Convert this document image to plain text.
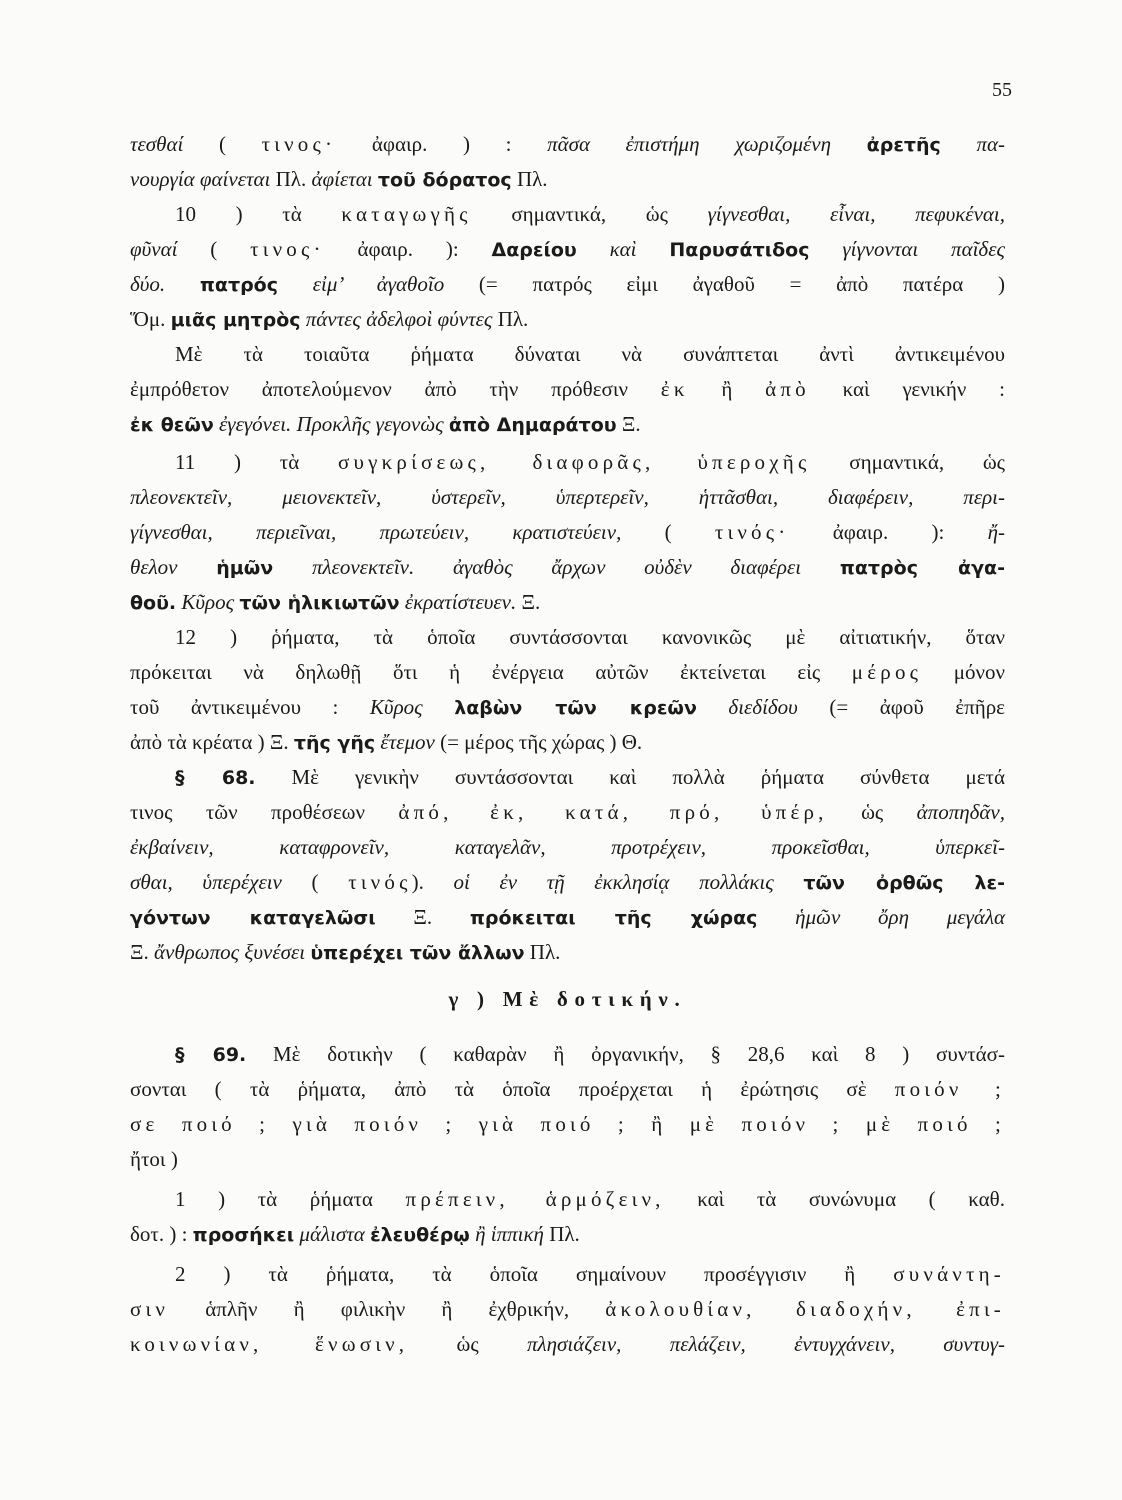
55
τεσθαί ( τινος· ἀφαιρ. ) : πᾶσα ἐπιστήμη χωριζομένη ἀρετῆς πα-
νουργία φαίνεται Πλ. ἀφίεται τοῦ δόρατος Πλ.
10 ) τὰ καταγωγῆς σημαντικά, ὡς γίγνεσθαι, εἶναι, πεφυκέναι,
φῦναί ( τινος· ἀφαιρ. ): Δαρείου καὶ Παρυσάτιδος γίγνονται παῖδες
δύο. πατρός εἰμ’ ἀγαθοῖο (= πατρός εἰμι ἀγαθοῦ = ἀπὸ πατέρα )
Ὅμ. μιᾶς μητρὸς πάντες ἀδελφοὶ φύντες Πλ.
Μὲ τὰ τοιαῦτα ῥήματα δύναται νὰ συνάπτεται ἀντὶ ἀντικειμένου
ἐμπρόθετον ἀποτελούμενον ἀπὸ τὴν πρόθεσιν ἐκ ἢ ἀπὸ καὶ γενικήν :
ἐκ θεῶν ἐγεγόνει. Προκλῆς γεγονὼς ἀπὸ Δημαράτου Ξ.
11 ) τὰ συγκρίσεως, διαφορᾶς, ὑπεροχῆς σημαντικά, ὡς
πλεονεκτεῖν, μειονεκτεῖν, ὑστερεῖν, ὑπερτερεῖν, ἡττᾶσθαι, διαφέρειν, περι-
γίγνεσθαι, περιεῖναι, πρωτεύειν, κρατιστεύειν, ( τινός· ἀφαιρ. ): ἤ-
θελον ἡμῶν πλεονεκτεῖν. ἀγαθὸς ἄρχων οὐδὲν διαφέρει πατρὸς ἀγα-
θοῦ. Κῦρος τῶν ἡλικιωτῶν ἐκρατίστευεν. Ξ.
12 ) ῥήματα, τὰ ὁποῖα συντάσσονται κανονικῶς μὲ αἰτιατικήν, ὅταν
πρόκειται νὰ δηλωθῇ ὅτι ἡ ἐνέργεια αὐτῶν ἐκτείνεται εἰς μέρος μόνον
τοῦ ἀντικειμένου : Κῦρος λαβὼν τῶν κρεῶν διεδίδου (= ἀφοῦ ἐπῆρε
ἀπὸ τὰ κρέατα ) Ξ. τῆς γῆς ἔτεμον (= μέρος τῆς χώρας ) Θ.
§ 68. Μὲ γενικὴν συντάσσονται καὶ πολλὰ ῥήματα σύνθετα μετά
τινος τῶν προθέσεων ἀπό, ἐκ, κατά, πρό, ὑπέρ, ὡς ἀποπηδᾶν,
ἐκβαίνειν, καταφρονεῖν, καταγελᾶν, προτρέχειν, προκεῖσθαι, ὑπερκεῖ-
σθαι, ὑπερέχειν ( τινός). οἱ ἐν τῇ ἐκκλησίᾳ πολλάκις τῶν ὀρθῶς λε-
γόντων καταγελῶσι Ξ. πρόκειται τῆς χώρας ἡμῶν ὄρη μεγάλα
Ξ. ἄνθρωπος ξυνέσει ὑπερέχει τῶν ἄλλων Πλ.
γ ) Μὲ δοτικήν.
§ 69. Μὲ δοτικὴν ( καθαρὰν ἢ ὀργανικήν, § 28,6 καὶ 8 ) συντάσ-
σονται ( τὰ ῥήματα, ἀπὸ τὰ ὁποῖα προέρχεται ἡ ἐρώτησις σὲ ποιόν ;
σε ποιό ; γιὰ ποιόν ; γιὰ ποιό ; ἢ μὲ ποιόν ; μὲ ποιό ;
ἤτοι )
1 ) τὰ ῥήματα πρέπειν, ἁρμόζειν, καὶ τὰ συνώνυμα ( καθ.
δοτ. ) : προσήκει μάλιστα ἐλευθέρῳ ἢ ἱππική Πλ.
2 ) τὰ ῥήματα, τὰ ὁποῖα σημαίνουν προσέγγισιν ἢ συνάντη-
σιν ἁπλῆν ἢ φιλικὴν ἢ ἐχθρικήν, ἀκολουθίαν, διαδοχήν, ἐπι-
κοινωνίαν, ἕνωσιν, ὡς πλησιάζειν, πελάζειν, ἐντυγχάνειν, συντυγ-
